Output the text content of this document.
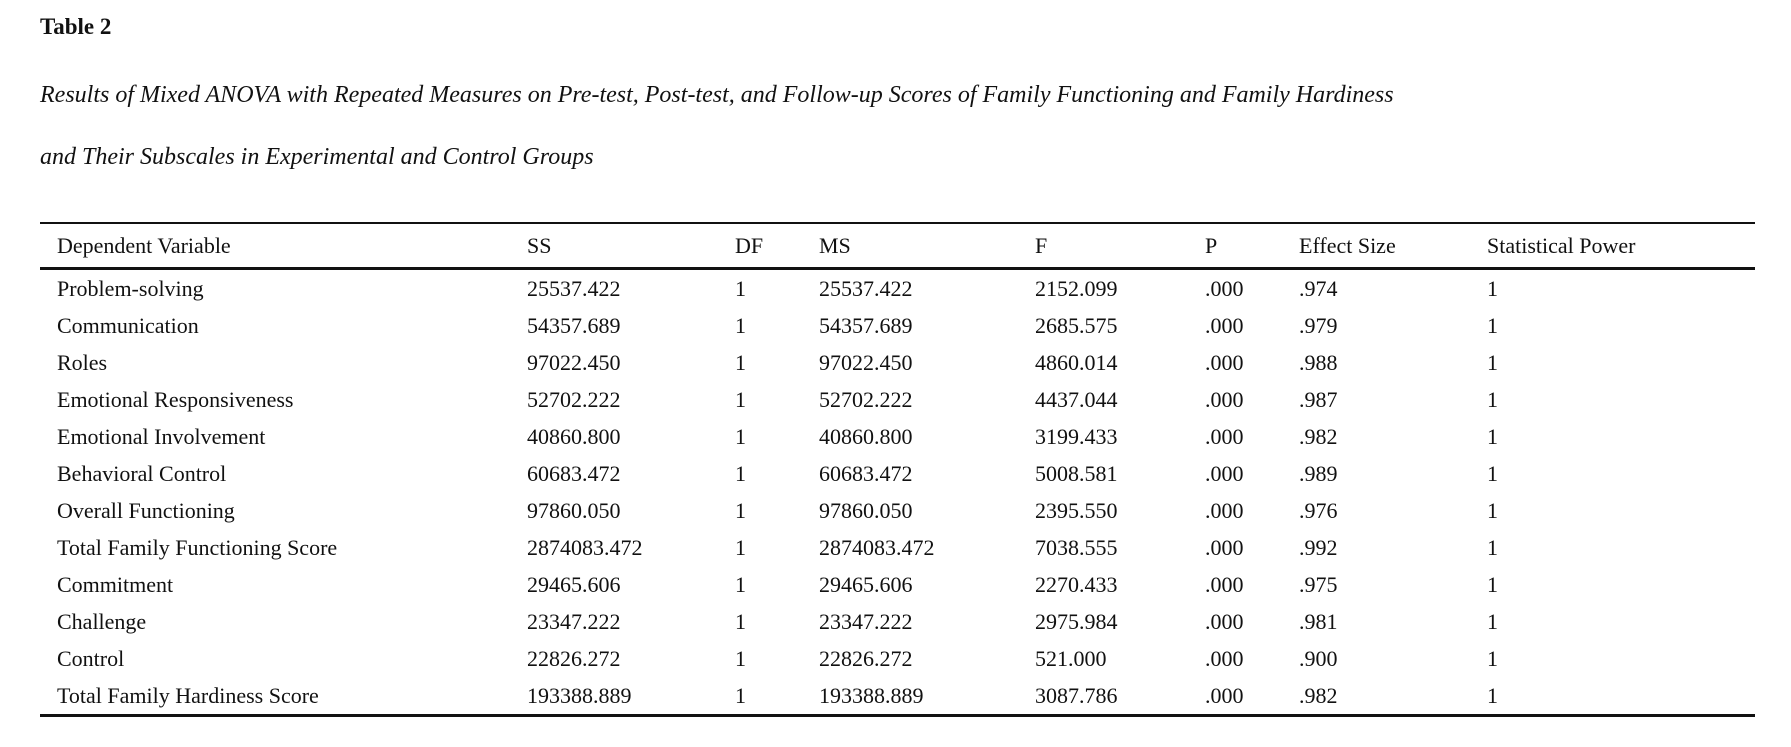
Table 2
Results of Mixed ANOVA with Repeated Measures on Pre-test, Post-test, and Follow-up Scores of Family Functioning and Family Hardiness
and Their Subscales in Experimental and Control Groups
Dependent Variable	SS	DF	MS	F	P	Effect Size	Statistical Power
Problem-solving	25537.422	1	25537.422	2152.099	.000	.974	1
Communication	54357.689	1	54357.689	2685.575	.000	.979	1
Roles	97022.450	1	97022.450	4860.014	.000	.988	1
Emotional Responsiveness	52702.222	1	52702.222	4437.044	.000	.987	1
Emotional Involvement	40860.800	1	40860.800	3199.433	.000	.982	1
Behavioral Control	60683.472	1	60683.472	5008.581	.000	.989	1
Overall Functioning	97860.050	1	97860.050	2395.550	.000	.976	1
Total Family Functioning Score	2874083.472	1	2874083.472	7038.555	.000	.992	1
Commitment	29465.606	1	29465.606	2270.433	.000	.975	1
Challenge	23347.222	1	23347.222	2975.984	.000	.981	1
Control	22826.272	1	22826.272	521.000	.000	.900	1
Total Family Hardiness Score	193388.889	1	193388.889	3087.786	.000	.982	1
